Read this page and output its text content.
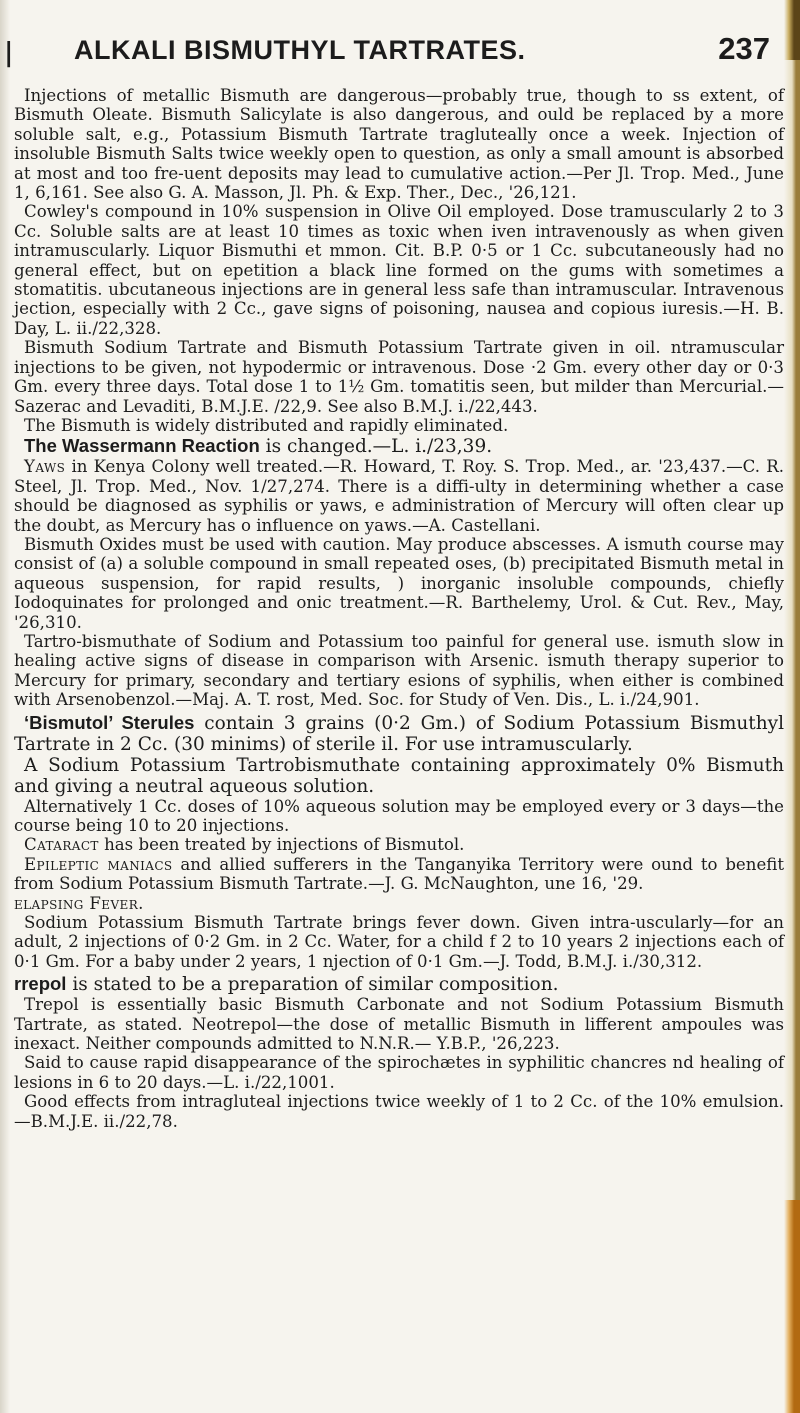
| ALKALI BISMUTHYL TARTRATES.	237

Injections of metallic Bismuth are dangerous—probably true, though to ss extent, of Bismuth Oleate. Bismuth Salicylate is also dangerous, and ould be replaced by a more soluble salt, e.g., Potassium Bismuth Tartrate tragluteally once a week. Injection of insoluble Bismuth Salts twice weekly open to question, as only a small amount is absorbed at most and too fre-uent deposits may lead to cumulative action.—Per Jl. Trop. Med., June 1, 6,161. See also G. A. Masson, Jl. Ph. & Exp. Ther., Dec., '26,121.

Cowley's compound in 10% suspension in Olive Oil employed. Dose tramuscularly 2 to 3 Cc. Soluble salts are at least 10 times as toxic when iven intravenously as when given intramuscularly. Liquor Bismuthi et mmon. Cit. B.P. 0·5 or 1 Cc. subcutaneously had no general effect, but on epetition a black line formed on the gums with sometimes a stomatitis. ubcutaneous injections are in general less safe than intramuscular. Intravenous jection, especially with 2 Cc., gave signs of poisoning, nausea and copious iuresis.—H. B. Day, L. ii./22,328.

Bismuth Sodium Tartrate and Bismuth Potassium Tartrate given in oil. ntramuscular injections to be given, not hypodermic or intravenous. Dose ·2 Gm. every other day or 0·3 Gm. every three days. Total dose 1 to 1½ Gm. tomatitis seen, but milder than Mercurial.—Sazerac and Levaditi, B.M.J.E. /22,9. See also B.M.J. i./22,443.

The Bismuth is widely distributed and rapidly eliminated.

The Wassermann Reaction is changed.—L. i./23,39.

Yaws in Kenya Colony well treated.—R. Howard, T. Roy. S. Trop. Med., ar. '23,437.—C. R. Steel, Jl. Trop. Med., Nov. 1/27,274. There is a diffi-ulty in determining whether a case should be diagnosed as syphilis or yaws, e administration of Mercury will often clear up the doubt, as Mercury has o influence on yaws.—A. Castellani.

Bismuth Oxides must be used with caution. May produce abscesses. A ismuth course may consist of (a) a soluble compound in small repeated oses, (b) precipitated Bismuth metal in aqueous suspension, for rapid results, ) inorganic insoluble compounds, chiefly Iodoquinates for prolonged and onic treatment.—R. Barthelemy, Urol. & Cut. Rev., May, '26,310.

Tartro-bismuthate of Sodium and Potassium too painful for general use. ismuth slow in healing active signs of disease in comparison with Arsenic. ismuth therapy superior to Mercury for primary, secondary and tertiary esions of syphilis, when either is combined with Arsenobenzol.—Maj. A. T. rost, Med. Soc. for Study of Ven. Dis., L. i./24,901.

‘Bismutol’ Sterules contain 3 grains (0·2 Gm.) of Sodium Potassium Bismuthyl Tartrate in 2 Cc. (30 minims) of sterile il. For use intramuscularly.

A Sodium Potassium Tartrobismuthate containing approximately 0% Bismuth and giving a neutral aqueous solution.

Alternatively 1 Cc. doses of 10% aqueous solution may be employed every or 3 days—the course being 10 to 20 injections.

Cataract has been treated by injections of Bismutol.

Epileptic maniacs and allied sufferers in the Tanganyika Territory were ound to benefit from Sodium Potassium Bismuth Tartrate.—J. G. McNaughton, une 16, '29.

elapsing Fever.

Sodium Potassium Bismuth Tartrate brings fever down. Given intra-uscularly—for an adult, 2 injections of 0·2 Gm. in 2 Cc. Water, for a child f 2 to 10 years 2 injections each of 0·1 Gm. For a baby under 2 years, 1 njection of 0·1 Gm.—J. Todd, B.M.J. i./30,312.

rrepol is stated to be a preparation of similar composition.

Trepol is essentially basic Bismuth Carbonate and not Sodium Potassium Bismuth Tartrate, as stated. Neotrepol—the dose of metallic Bismuth in lifferent ampoules was inexact. Neither compounds admitted to N.N.R.— Y.B.P., '26,223.

Said to cause rapid disappearance of the spirochætes in syphilitic chancres nd healing of lesions in 6 to 20 days.—L. i./22,1001.

Good effects from intragluteal injections twice weekly of 1 to 2 Cc. of the 10% emulsion.—B.M.J.E. ii./22,78.
